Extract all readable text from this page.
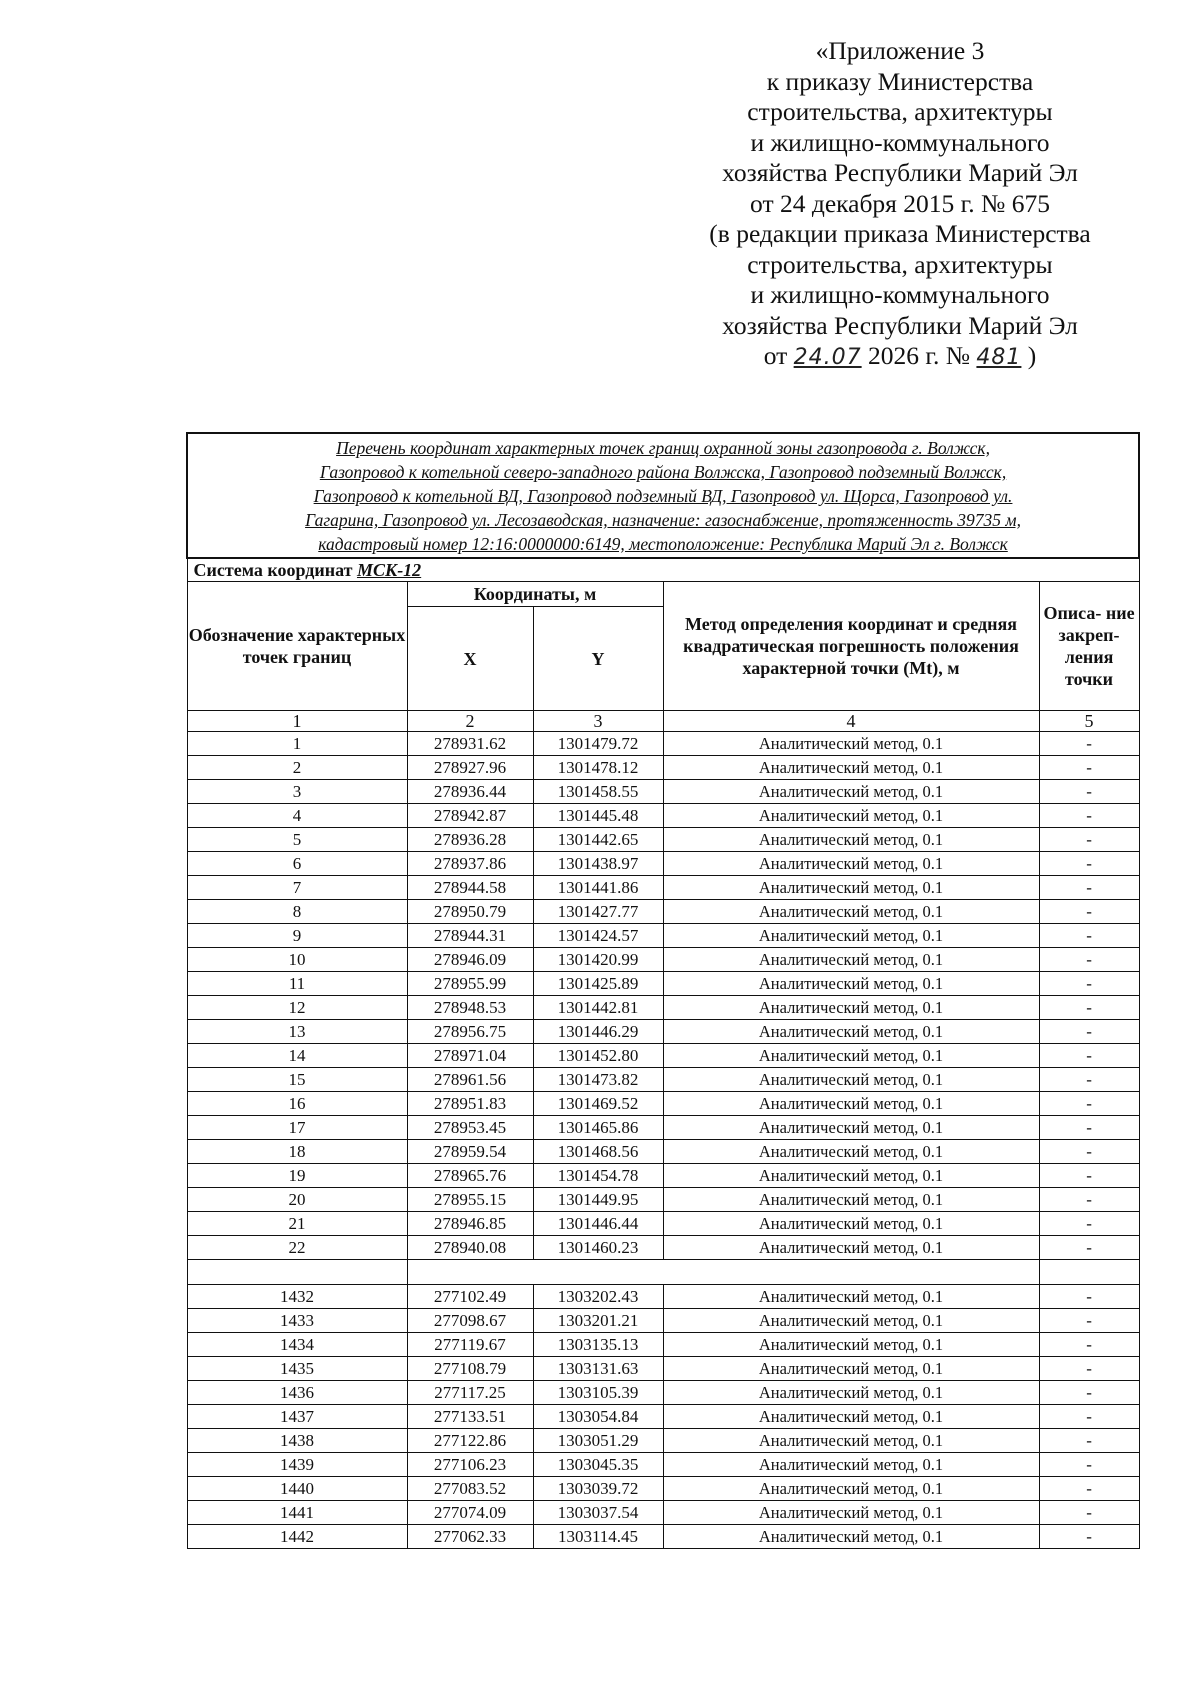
«Приложение 3
к приказу Министерства
строительства, архитектуры
и жилищно-коммунального
хозяйства Республики Марий Эл
от 24 декабря 2015 г. № 675
(в редакции приказа Министерства
строительства, архитектуры
и жилищно-коммунального
хозяйства Республики Марий Эл
от 24.07 2026 г. № 481 )
Перечень координат характерных точек границ охранной зоны газопровода г. Волжск,
Газопровод к котельной северо-западного района Волжска, Газопровод подземный Волжск,
Газопровод к котельной ВД, Газопровод подземный ВД, Газопровод ул. Щорса, Газопровод ул.
Гагарина, Газопровод ул. Лесозаводская, назначение: газоснабжение, протяженность 39735 м,
кадастровый номер 12:16:0000000:6149, местоположение: Республика Марий Эл г. Волжск				

Система координат МСК-12				
Обозначение характерных точек границ	Координаты, м		Метод определения координат и средняя квадратическая погрешность положения характерной точки (Mt), м	Описа- ние закреп- ления точки
	X	Y		
1	2	3	4	5
1	278931.62	1301479.72	Аналитический метод, 0.1	-
2	278927.96	1301478.12	Аналитический метод, 0.1	-
3	278936.44	1301458.55	Аналитический метод, 0.1	-
4	278942.87	1301445.48	Аналитический метод, 0.1	-
5	278936.28	1301442.65	Аналитический метод, 0.1	-
6	278937.86	1301438.97	Аналитический метод, 0.1	-
7	278944.58	1301441.86	Аналитический метод, 0.1	-
8	278950.79	1301427.77	Аналитический метод, 0.1	-
9	278944.31	1301424.57	Аналитический метод, 0.1	-
10	278946.09	1301420.99	Аналитический метод, 0.1	-
11	278955.99	1301425.89	Аналитический метод, 0.1	-
12	278948.53	1301442.81	Аналитический метод, 0.1	-
13	278956.75	1301446.29	Аналитический метод, 0.1	-
14	278971.04	1301452.80	Аналитический метод, 0.1	-
15	278961.56	1301473.82	Аналитический метод, 0.1	-
16	278951.83	1301469.52	Аналитический метод, 0.1	-
17	278953.45	1301465.86	Аналитический метод, 0.1	-
18	278959.54	1301468.56	Аналитический метод, 0.1	-
19	278965.76	1301454.78	Аналитический метод, 0.1	-
20	278955.15	1301449.95	Аналитический метод, 0.1	-
21	278946.85	1301446.44	Аналитический метод, 0.1	-
22	278940.08	1301460.23	Аналитический метод, 0.1	-

1432	277102.49	1303202.43	Аналитический метод, 0.1	-
1433	277098.67	1303201.21	Аналитический метод, 0.1	-
1434	277119.67	1303135.13	Аналитический метод, 0.1	-
1435	277108.79	1303131.63	Аналитический метод, 0.1	-
1436	277117.25	1303105.39	Аналитический метод, 0.1	-
1437	277133.51	1303054.84	Аналитический метод, 0.1	-
1438	277122.86	1303051.29	Аналитический метод, 0.1	-
1439	277106.23	1303045.35	Аналитический метод, 0.1	-
1440	277083.52	1303039.72	Аналитический метод, 0.1	-
1441	277074.09	1303037.54	Аналитический метод, 0.1	-
1442	277062.33	1303114.45	Аналитический метод, 0.1	-
